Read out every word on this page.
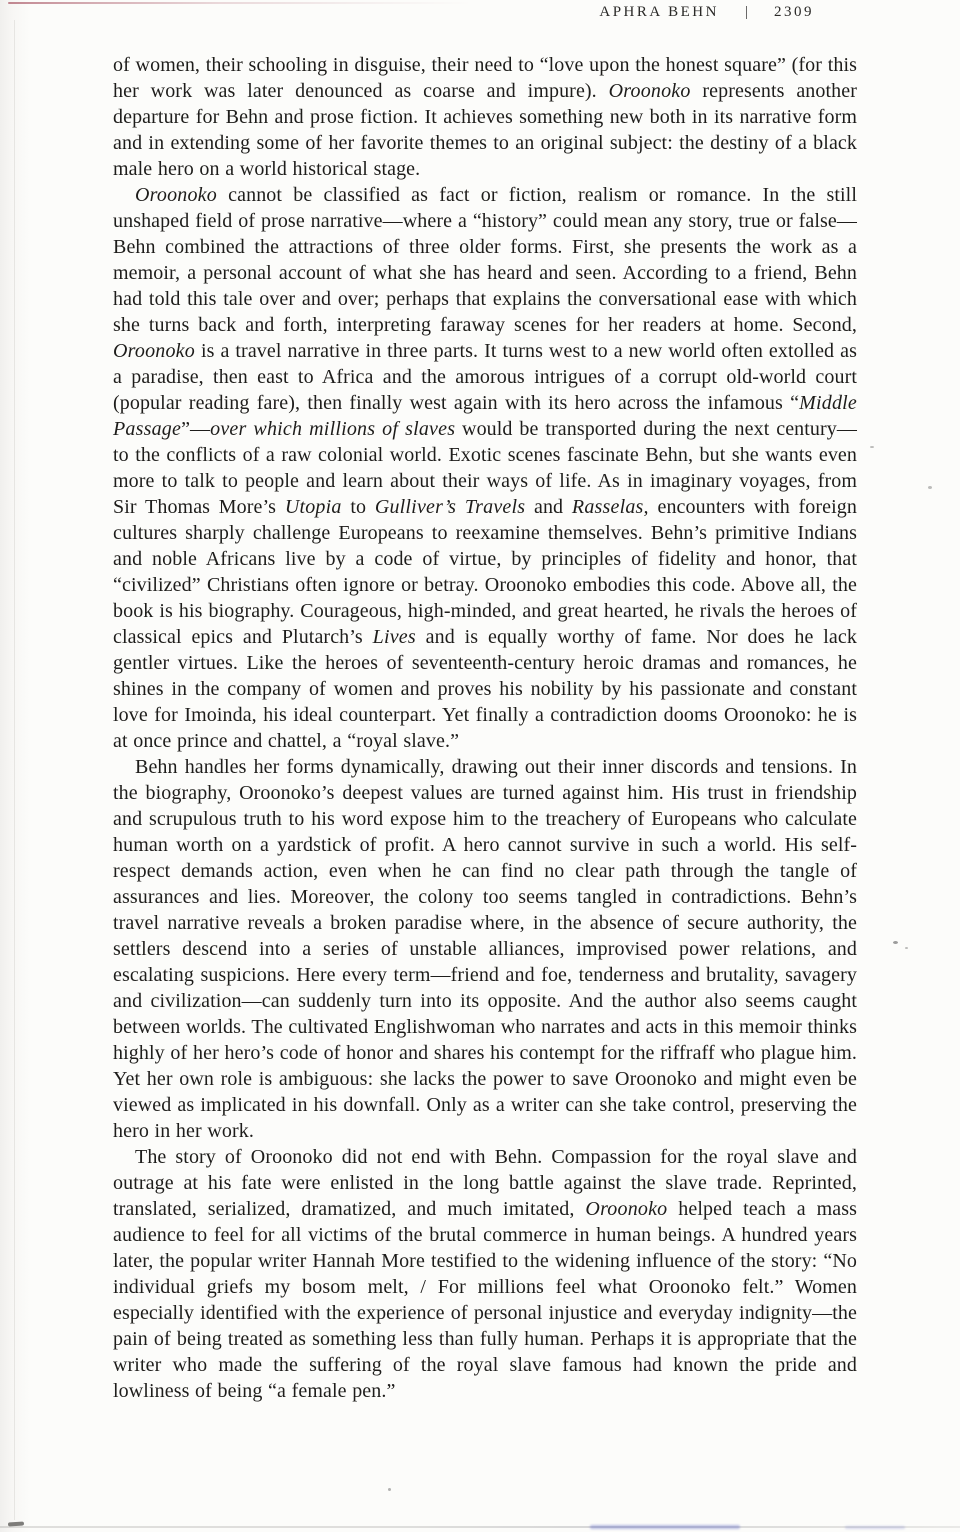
APHRA BEHN | 2309

of women, their schooling in disguise, their need to “love upon the honest square” (for this her work was later denounced as coarse and impure). Oroonoko represents another departure for Behn and prose fiction. It achieves something new both in its narrative form and in extending some of her favorite themes to an original subject: the destiny of a black male hero on a world historical stage.

Oroonoko cannot be classified as fact or fiction, realism or romance. In the still unshaped field of prose narrative—where a “history” could mean any story, true or false—Behn combined the attractions of three older forms. First, she presents the work as a memoir, a personal account of what she has heard and seen. According to a friend, Behn had told this tale over and over; perhaps that explains the conversational ease with which she turns back and forth, interpreting faraway scenes for her readers at home. Second, Oroonoko is a travel narrative in three parts. It turns west to a new world often extolled as a paradise, then east to Africa and the amorous intrigues of a corrupt old-world court (popular reading fare), then finally west again with its hero across the infamous “Middle Passage”—over which millions of slaves would be transported during the next century—to the conflicts of a raw colonial world. Exotic scenes fascinate Behn, but she wants even more to talk to people and learn about their ways of life. As in imaginary voyages, from Sir Thomas More’s Utopia to Gulliver’s Travels and Rasselas, encounters with foreign cultures sharply challenge Europeans to reexamine themselves. Behn’s primitive Indians and noble Africans live by a code of virtue, by principles of fidelity and honor, that “civilized” Christians often ignore or betray. Oroonoko embodies this code. Above all, the book is his biography. Courageous, high-minded, and great hearted, he rivals the heroes of classical epics and Plutarch’s Lives and is equally worthy of fame. Nor does he lack gentler virtues. Like the heroes of seventeenth-century heroic dramas and romances, he shines in the company of women and proves his nobility by his passionate and constant love for Imoinda, his ideal counterpart. Yet finally a contradiction dooms Oroonoko: he is at once prince and chattel, a “royal slave.”

Behn handles her forms dynamically, drawing out their inner discords and tensions. In the biography, Oroonoko’s deepest values are turned against him. His trust in friendship and scrupulous truth to his word expose him to the treachery of Europeans who calculate human worth on a yardstick of profit. A hero cannot survive in such a world. His self-respect demands action, even when he can find no clear path through the tangle of assurances and lies. Moreover, the colony too seems tangled in contradictions. Behn’s travel narrative reveals a broken paradise where, in the absence of secure authority, the settlers descend into a series of unstable alliances, improvised power relations, and escalating suspicions. Here every term—friend and foe, tenderness and brutality, savagery and civilization—can suddenly turn into its opposite. And the author also seems caught between worlds. The cultivated Englishwoman who narrates and acts in this memoir thinks highly of her hero’s code of honor and shares his contempt for the riffraff who plague him. Yet her own role is ambiguous: she lacks the power to save Oroonoko and might even be viewed as implicated in his downfall. Only as a writer can she take control, preserving the hero in her work.

The story of Oroonoko did not end with Behn. Compassion for the royal slave and outrage at his fate were enlisted in the long battle against the slave trade. Reprinted, translated, serialized, dramatized, and much imitated, Oroonoko helped teach a mass audience to feel for all victims of the brutal commerce in human beings. A hundred years later, the popular writer Hannah More testified to the widening influence of the story: “No individual griefs my bosom melt, / For millions feel what Oroonoko felt.” Women especially identified with the experience of personal injustice and everyday indignity—the pain of being treated as something less than fully human. Perhaps it is appropriate that the writer who made the suffering of the royal slave famous had known the pride and lowliness of being “a female pen.”
